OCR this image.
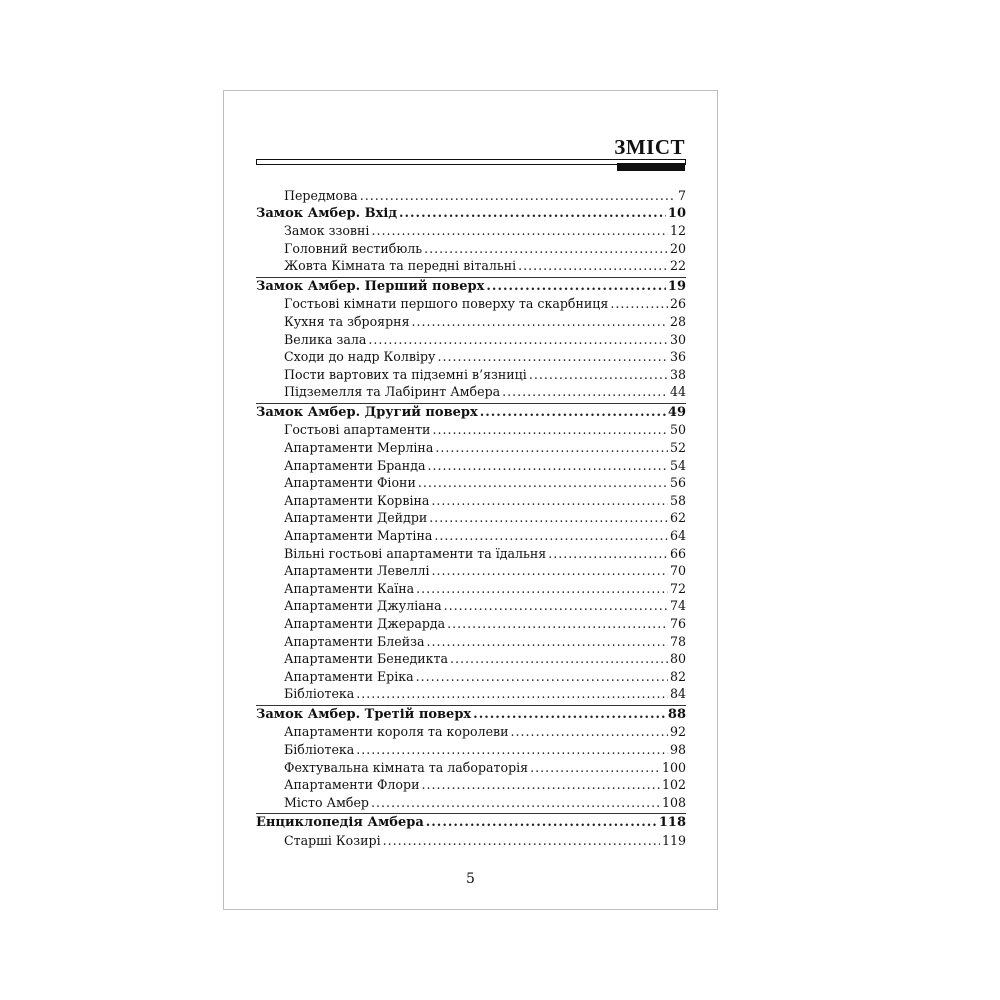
ЗМІСТ
Передмова .....	7
Замок Амбер. Вхід .....	10
Замок ззовні .....	12
Головний вестибюль .....	20
Жовта Кімната та передні вітальні .....	22
Замок Амбер. Перший поверх .....	19
Гостьові кімнати першого поверху та скарбниця .....	26
Кухня та зброярня .....	28
Велика зала .....	30
Сходи до надр Колвіру .....	36
Пости вартових та підземні в’язниці .....	38
Підземелля та Лабіринт Амбера .....	44
Замок Амбер. Другий поверх .....	49
Гостьові апартаменти .....	50
Апартаменти Мерліна .....	52
Апартаменти Бранда .....	54
Апартаменти Фіони .....	56
Апартаменти Корвіна .....	58
Апартаменти Дейдри .....	62
Апартаменти Мартіна .....	64
Вільні гостьові апартаменти та їдальня .....	66
Апартаменти Левеллі .....	70
Апартаменти Каїна .....	72
Апартаменти Джуліана .....	74
Апартаменти Джерарда .....	76
Апартаменти Блейза .....	78
Апартаменти Бенедикта .....	80
Апартаменти Еріка .....	82
Бібліотека .....	84
Замок Амбер. Третій поверх .....	88
Апартаменти короля та королеви .....	92
Бібліотека .....	98
Фехтувальна кімната та лабораторія .....	100
Апартаменти Флори .....	102
Місто Амбер .....	108
Енциклопедія Амбера .....	118
Старші Козирі .....	119
5
